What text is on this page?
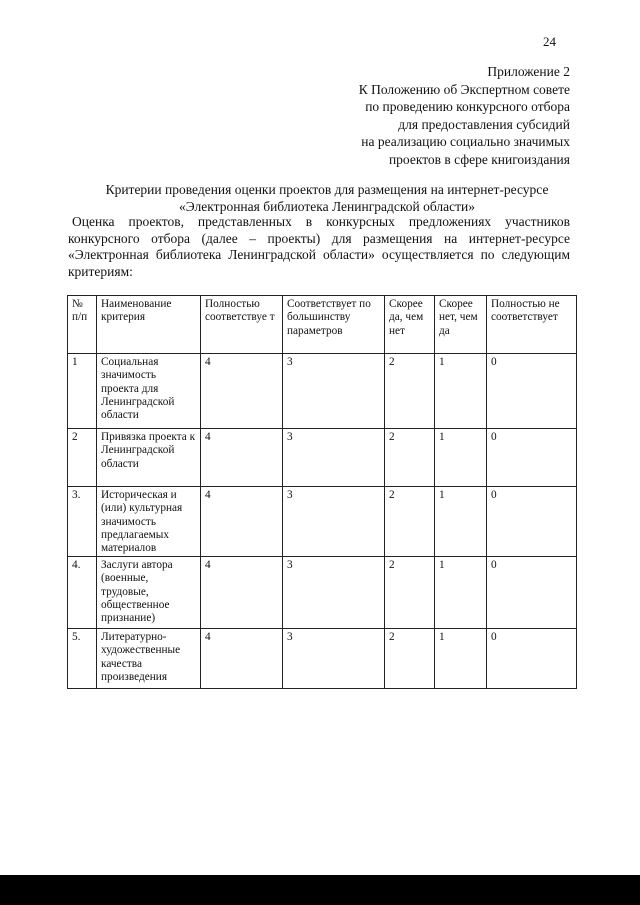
24
Приложение 2
К Положению об Экспертном совете
по проведению конкурсного отбора
для предоставления субсидий
на реализацию социально значимых
проектов в сфере книгоиздания
Критерии проведения оценки проектов для размещения на интернет-ресурсе
«Электронная библиотека Ленинградской области»
Оценка проектов, представленных в конкурсных предложениях участников конкурсного отбора (далее – проекты) для размещения на интернет-ресурсе «Электронная библиотека Ленинградской области» осуществляется по следующим критериям:
№ п/п	Наименование критерия	Полностью соответствуе т	Соответствует по большинству параметров	Скорее да, чем нет	Скорее нет, чем да	Полностью не соответствует
1	Социальная значимость проекта для Ленинградской области	4	3	2	1	0
2	Привязка проекта к Ленинградской области	4	3	2	1	0
3.	Историческая и (или) культурная значимость предлагаемых материалов	4	3	2	1	0
4.	Заслуги автора (военные, трудовые, общественное признание)	4	3	2	1	0
5.	Литературно-художественные качества произведения	4	3	2	1	0
